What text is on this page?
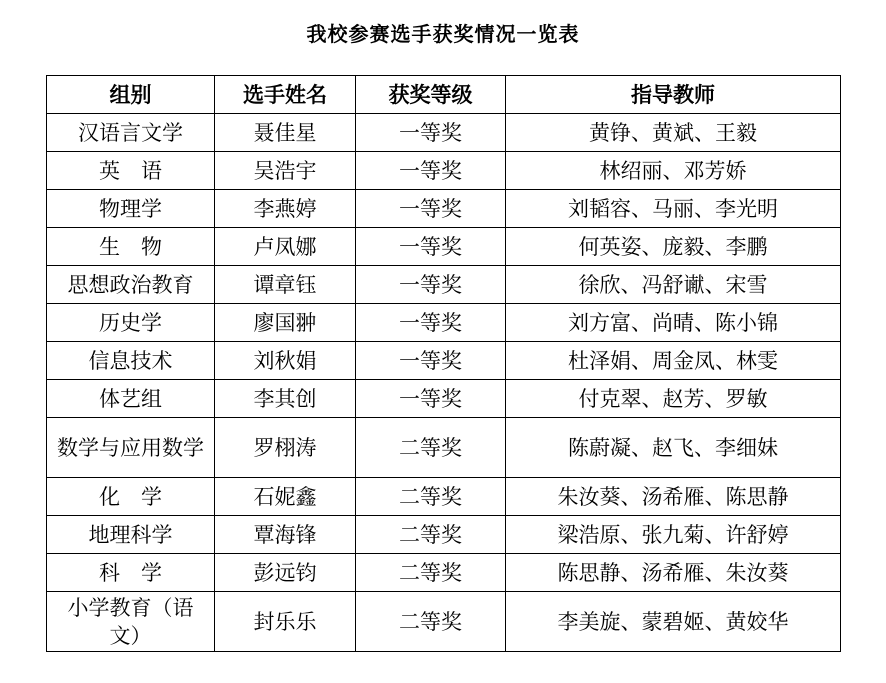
我校参赛选手获奖情况一览表
组别	选手姓名	获奖等级	指导教师
汉语言文学	聂佳星	一等奖	黄铮、黄斌、王毅
英　语	吴浩宇	一等奖	林绍丽、邓芳娇
物理学	李燕婷	一等奖	刘韬容、马丽、李光明
生　物	卢凤娜	一等奖	何英姿、庞毅、李鹏
思想政治教育	谭章钰	一等奖	徐欣、冯舒谳、宋雪
历史学	廖国翀	一等奖	刘方富、尚晴、陈小锦
信息技术	刘秋娟	一等奖	杜泽娟、周金凤、林雯
体艺组	李其创	一等奖	付克翠、赵芳、罗敏
数学与应用数学	罗栩涛	二等奖	陈蔚凝、赵飞、李细妹
化　学	石妮鑫	二等奖	朱汝葵、汤希雁、陈思静
地理科学	覃海锋	二等奖	梁浩原、张九菊、许舒婷
科　学	彭远钧	二等奖	陈思静、汤希雁、朱汝葵
小学教育（语文）	封乐乐	二等奖	李美旋、蒙碧姬、黄姣华
